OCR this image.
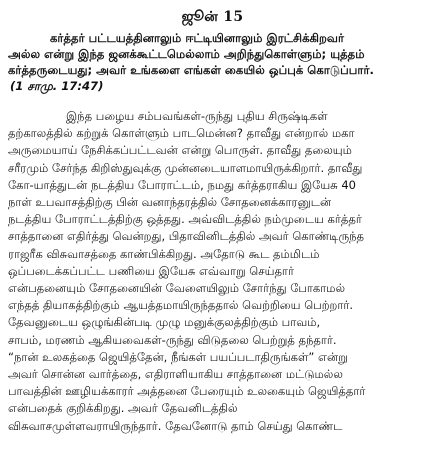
ஜூன் 15

கர்த்தர் பட்டயத்தினாலும் ஈட்டியினாலும் இரட்சிக்கிறவர்
அல்ல என்று இந்த ஜனக்கூட்டமெல்லாம் அறிந்துகொள்ளும்; யுத்தம்
கர்த்தருடையது; அவர் உங்களை எங்கள் கையில் ஒப்புக் கொடுப்பார்.
(1 சாமு. 17:47)

இந்த பழைய சம்பவங்கள்-ருந்து புதிய சிருஷ்டிகள்
தற்காலத்தில் கற்றுக் கொள்ளும் பாடமென்ன? தாவீது என்றால் மகா
அருமையாய் நேசிக்கப்பட்டவன் என்று பொருள். தாவீது தலையும்
சரீரமும் சேர்ந்த கிறிஸ்துவுக்கு முன்னடையாளமாயிருக்கிறார். தாவீது
கோ-யாத்துடன் நடத்திய போராட்டம், நமது கர்த்தராகிய இயேசு 40
நாள் உபவாசத்திற்கு பின் வனாந்தரத்தில் சோதனைக்காரனுடன்
நடத்திய போராட்டத்திற்கு ஒத்தது. அவ்விடத்தில் நம்முடைய கர்த்தர்
சாத்தானை எதிர்த்து வென்றது, பிதாவினிடத்தில் அவர் கொண்டிருந்த
ராஜரீக விசுவாசத்தை காண்பிக்கிறது. அதோடு கூட தம்மிடம்
ஒப்படைக்கப்பட்ட பணியை இயேசு எவ்வாறு செய்தார்
என்பதனையும் சோதனையின் வேளையிலும் சோர்ந்து போகாமல்
எந்தத் தியாகத்திற்கும் ஆயத்தமாயிருந்ததால் வெற்றியை பெற்றார்.
தேவனுடைய ஒழுங்கின்படி முழு மனுக்குலத்திற்கும் பாவம்,
சாபம், மரணம் ஆகியவைகள்-ருந்து விடுதலை பெற்றுத் தந்தார்.
“நான் உலகத்தை ஜெயித்தேன், நீங்கள் பயப்படாதிருங்கள்” என்று
அவர் சொன்ன வார்த்தை, எதிராளியாகிய சாத்தானை மட்டுமல்ல
பாவத்தின் ஊழியக்காரர் அத்தனை பேரையும் உலகையும் ஜெயித்தார்
என்பதைக் குறிக்கிறது. அவர் தேவனிடத்தில்
விசுவாசமுள்ளவராயிருந்தார். தேவனோடு தாம் செய்து கொண்ட
